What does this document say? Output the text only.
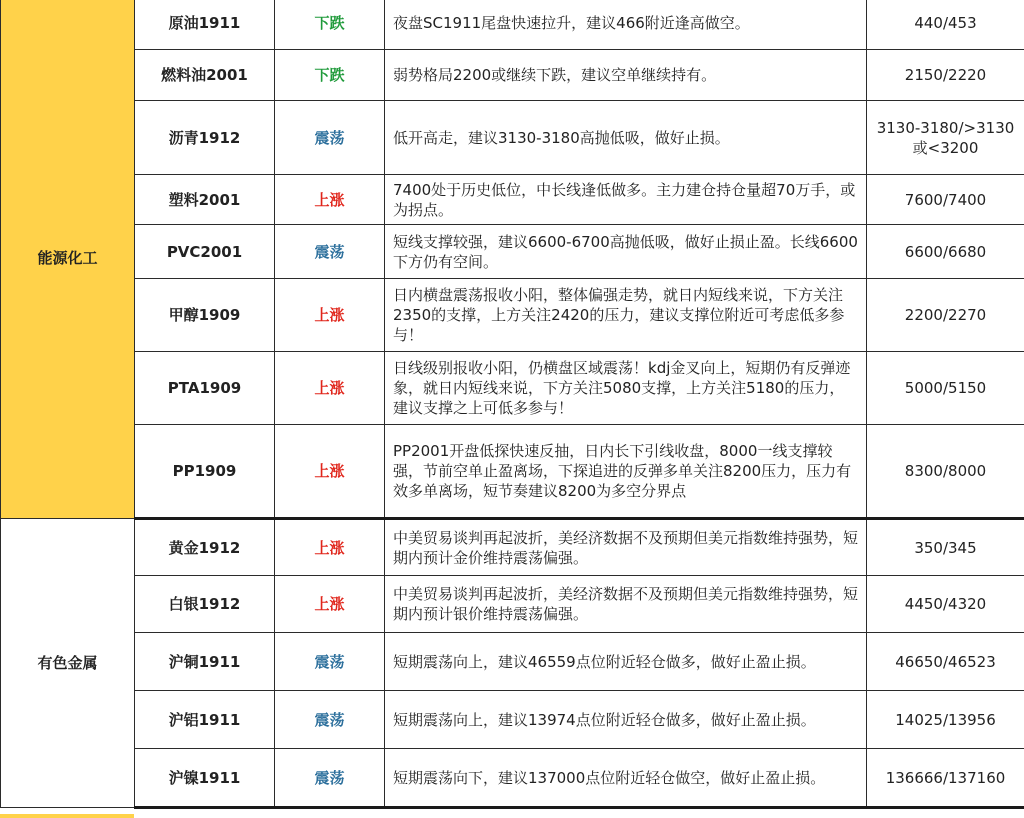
能源化工	原油1911	下跌	夜盘SC1911尾盘快速拉升，建议466附近逢高做空。	440/453
	燃料油2001	下跌	弱势格局2200或继续下跌，建议空单继续持有。	2150/2220
	沥青1912	震荡	低开高走，建议3130-3180高抛低吸，做好止损。	3130-3180/>3130或<3200
	塑料2001	上涨	7400处于历史低位，中长线逢低做多。主力建仓持仓量超70万手，或为拐点。	7600/7400
	PVC2001	震荡	短线支撑较强，建议6600-6700高抛低吸，做好止损止盈。长线6600下方仍有空间。	6600/6680
	甲醇1909	上涨	日内横盘震荡报收小阳，整体偏强走势，就日内短线来说，下方关注2350的支撑，上方关注2420的压力，建议支撑位附近可考虑低多参与！	2200/2270
	PTA1909	上涨	日线级别报收小阳，仍横盘区域震荡！kdj金叉向上，短期仍有反弹迹象，就日内短线来说，下方关注5080支撑，上方关注5180的压力，建议支撑之上可低多参与！	5000/5150
	PP1909	上涨	PP2001开盘低探快速反抽，日内长下引线收盘，8000一线支撑较强，节前空单止盈离场，下探追进的反弹多单关注8200压力，压力有效多单离场，短节奏建议8200为多空分界点	8300/8000
有色金属	黄金1912	上涨	中美贸易谈判再起波折，美经济数据不及预期但美元指数维持强势，短期内预计金价维持震荡偏强。	350/345
	白银1912	上涨	中美贸易谈判再起波折，美经济数据不及预期但美元指数维持强势，短期内预计银价维持震荡偏强。	4450/4320
	沪铜1911	震荡	短期震荡向上，建议46559点位附近轻仓做多，做好止盈止损。	46650/46523
	沪铝1911	震荡	短期震荡向上，建议13974点位附近轻仓做多，做好止盈止损。	14025/13956
	沪镍1911	震荡	短期震荡向下，建议137000点位附近轻仓做空，做好止盈止损。	136666/137160
